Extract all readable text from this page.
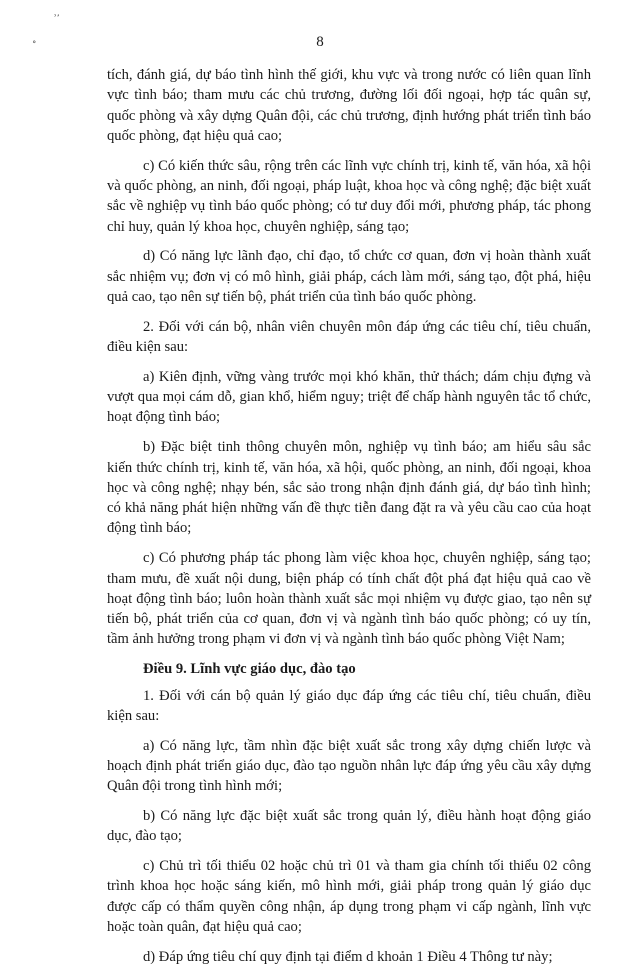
ʾʼ
˳	8

tích, đánh giá, dự báo tình hình thế giới, khu vực và trong nước có liên quan lĩnh vực tình báo; tham mưu các chủ trương, đường lối đối ngoại, hợp tác quân sự, quốc phòng và xây dựng Quân đội, các chủ trương, định hướng phát triển tình báo quốc phòng, đạt hiệu quả cao;

c) Có kiến thức sâu, rộng trên các lĩnh vực chính trị, kinh tế, văn hóa, xã hội và quốc phòng, an ninh, đối ngoại, pháp luật, khoa học và công nghệ; đặc biệt xuất sắc về nghiệp vụ tình báo quốc phòng; có tư duy đổi mới, phương pháp, tác phong chỉ huy, quản lý khoa học, chuyên nghiệp, sáng tạo;

d) Có năng lực lãnh đạo, chỉ đạo, tổ chức cơ quan, đơn vị hoàn thành xuất sắc nhiệm vụ; đơn vị có mô hình, giải pháp, cách làm mới, sáng tạo, đột phá, hiệu quả cao, tạo nên sự tiến bộ, phát triển của tình báo quốc phòng.

2. Đối với cán bộ, nhân viên chuyên môn đáp ứng các tiêu chí, tiêu chuẩn, điều kiện sau:

a) Kiên định, vững vàng trước mọi khó khăn, thử thách; dám chịu đựng và vượt qua mọi cám dỗ, gian khổ, hiểm nguy; triệt để chấp hành nguyên tắc tổ chức, hoạt động tình báo;

b) Đặc biệt tinh thông chuyên môn, nghiệp vụ tình báo; am hiểu sâu sắc kiến thức chính trị, kinh tế, văn hóa, xã hội, quốc phòng, an ninh, đối ngoại, khoa học và công nghệ; nhạy bén, sắc sảo trong nhận định đánh giá, dự báo tình hình; có khả năng phát hiện những vấn đề thực tiễn đang đặt ra và yêu cầu cao của hoạt động tình báo;

c) Có phương pháp tác phong làm việc khoa học, chuyên nghiệp, sáng tạo; tham mưu, đề xuất nội dung, biện pháp có tính chất đột phá đạt hiệu quả cao về hoạt động tình báo; luôn hoàn thành xuất sắc mọi nhiệm vụ được giao, tạo nên sự tiến bộ, phát triển của cơ quan, đơn vị và ngành tình báo quốc phòng; có uy tín, tầm ảnh hưởng trong phạm vi đơn vị và ngành tình báo quốc phòng Việt Nam;

Điều 9. Lĩnh vực giáo dục, đào tạo

1. Đối với cán bộ quản lý giáo dục đáp ứng các tiêu chí, tiêu chuẩn, điều kiện sau:

a) Có năng lực, tầm nhìn đặc biệt xuất sắc trong xây dựng chiến lược và hoạch định phát triển giáo dục, đào tạo nguồn nhân lực đáp ứng yêu cầu xây dựng Quân đội trong tình hình mới;

b) Có năng lực đặc biệt xuất sắc trong quản lý, điều hành hoạt động giáo dục, đào tạo;

c) Chủ trì tối thiểu 02 hoặc chủ trì 01 và tham gia chính tối thiểu 02 công trình khoa học hoặc sáng kiến, mô hình mới, giải pháp trong quản lý giáo dục được cấp có thẩm quyền công nhận, áp dụng trong phạm vi cấp ngành, lĩnh vực hoặc toàn quân, đạt hiệu quả cao;

d) Đáp ứng tiêu chí quy định tại điểm d khoản 1 Điều 4 Thông tư này;
